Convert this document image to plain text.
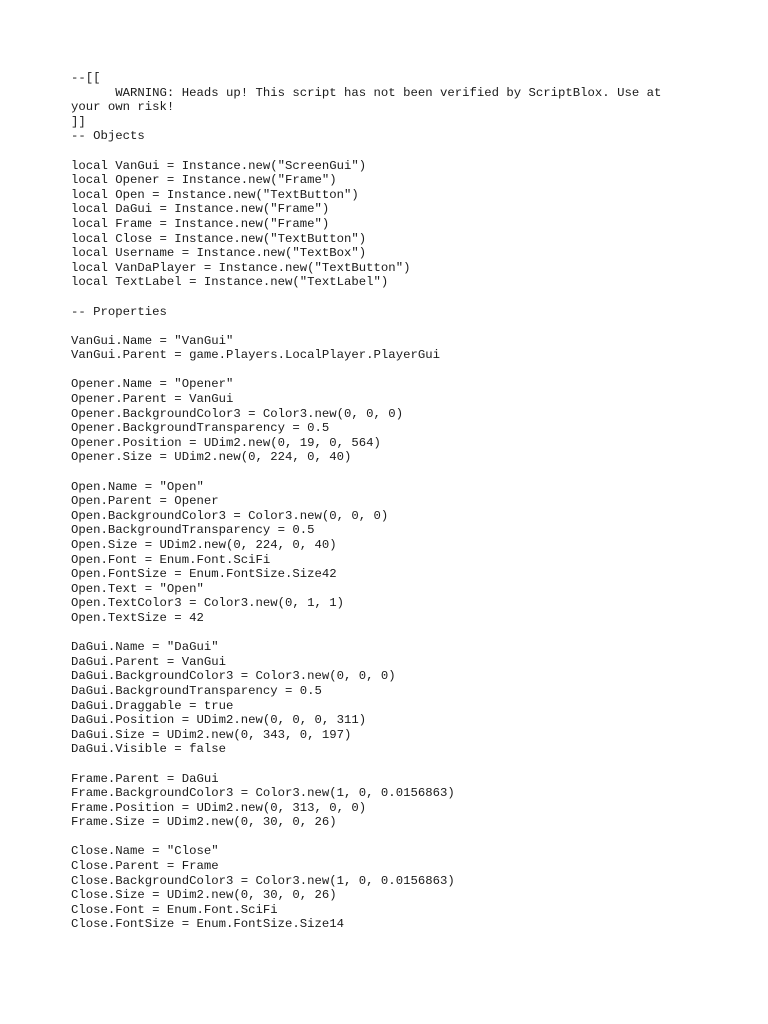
--[[
WARNING: Heads up! This script has not been verified by ScriptBlox. Use at
your own risk!
]]
-- Objects
local VanGui = Instance.new("ScreenGui")
local Opener = Instance.new("Frame")
local Open = Instance.new("TextButton")
local DaGui = Instance.new("Frame")
local Frame = Instance.new("Frame")
local Close = Instance.new("TextButton")
local Username = Instance.new("TextBox")
local VanDaPlayer = Instance.new("TextButton")
local TextLabel = Instance.new("TextLabel")
-- Properties
VanGui.Name = "VanGui"
VanGui.Parent = game.Players.LocalPlayer.PlayerGui
Opener.Name = "Opener"
Opener.Parent = VanGui
Opener.BackgroundColor3 = Color3.new(0, 0, 0)
Opener.BackgroundTransparency = 0.5
Opener.Position = UDim2.new(0, 19, 0, 564)
Opener.Size = UDim2.new(0, 224, 0, 40)
Open.Name = "Open"
Open.Parent = Opener
Open.BackgroundColor3 = Color3.new(0, 0, 0)
Open.BackgroundTransparency = 0.5
Open.Size = UDim2.new(0, 224, 0, 40)
Open.Font = Enum.Font.SciFi
Open.FontSize = Enum.FontSize.Size42
Open.Text = "Open"
Open.TextColor3 = Color3.new(0, 1, 1)
Open.TextSize = 42
DaGui.Name = "DaGui"
DaGui.Parent = VanGui
DaGui.BackgroundColor3 = Color3.new(0, 0, 0)
DaGui.BackgroundTransparency = 0.5
DaGui.Draggable = true
DaGui.Position = UDim2.new(0, 0, 0, 311)
DaGui.Size = UDim2.new(0, 343, 0, 197)
DaGui.Visible = false
Frame.Parent = DaGui
Frame.BackgroundColor3 = Color3.new(1, 0, 0.0156863)
Frame.Position = UDim2.new(0, 313, 0, 0)
Frame.Size = UDim2.new(0, 30, 0, 26)
Close.Name = "Close"
Close.Parent = Frame
Close.BackgroundColor3 = Color3.new(1, 0, 0.0156863)
Close.Size = UDim2.new(0, 30, 0, 26)
Close.Font = Enum.Font.SciFi
Close.FontSize = Enum.FontSize.Size14
